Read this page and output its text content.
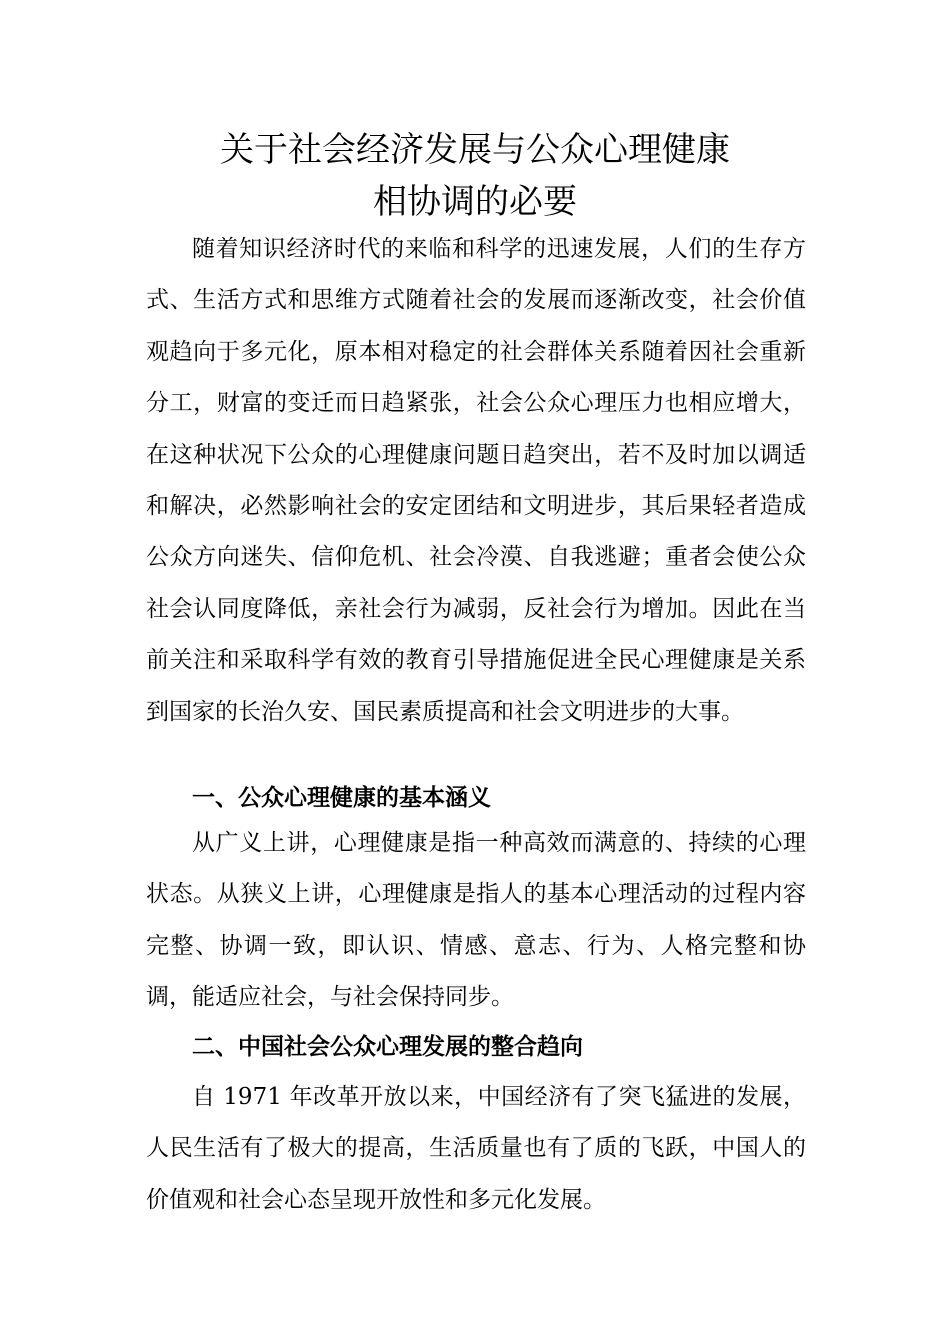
关于社会经济发展与公众心理健康
相协调的必要

随着知识经济时代的来临和科学的迅速发展，人们的生存方式、生活方式和思维方式随着社会的发展而逐渐改变，社会价值观趋向于多元化，原本相对稳定的社会群体关系随着因社会重新分工，财富的变迁而日趋紧张，社会公众心理压力也相应增大，在这种状况下公众的心理健康问题日趋突出，若不及时加以调适和解决，必然影响社会的安定团结和文明进步，其后果轻者造成公众方向迷失、信仰危机、社会冷漠、自我逃避；重者会使公众社会认同度降低，亲社会行为减弱，反社会行为增加。因此在当前关注和采取科学有效的教育引导措施促进全民心理健康是关系到国家的长治久安、国民素质提高和社会文明进步的大事。

一、公众心理健康的基本涵义

从广义上讲，心理健康是指一种高效而满意的、持续的心理状态。从狭义上讲，心理健康是指人的基本心理活动的过程内容完整、协调一致，即认识、情感、意志、行为、人格完整和协调，能适应社会，与社会保持同步。

二、中国社会公众心理发展的整合趋向

自 1971 年改革开放以来，中国经济有了突飞猛进的发展，人民生活有了极大的提高，生活质量也有了质的飞跃，中国人的价值观和社会心态呈现开放性和多元化发展。
